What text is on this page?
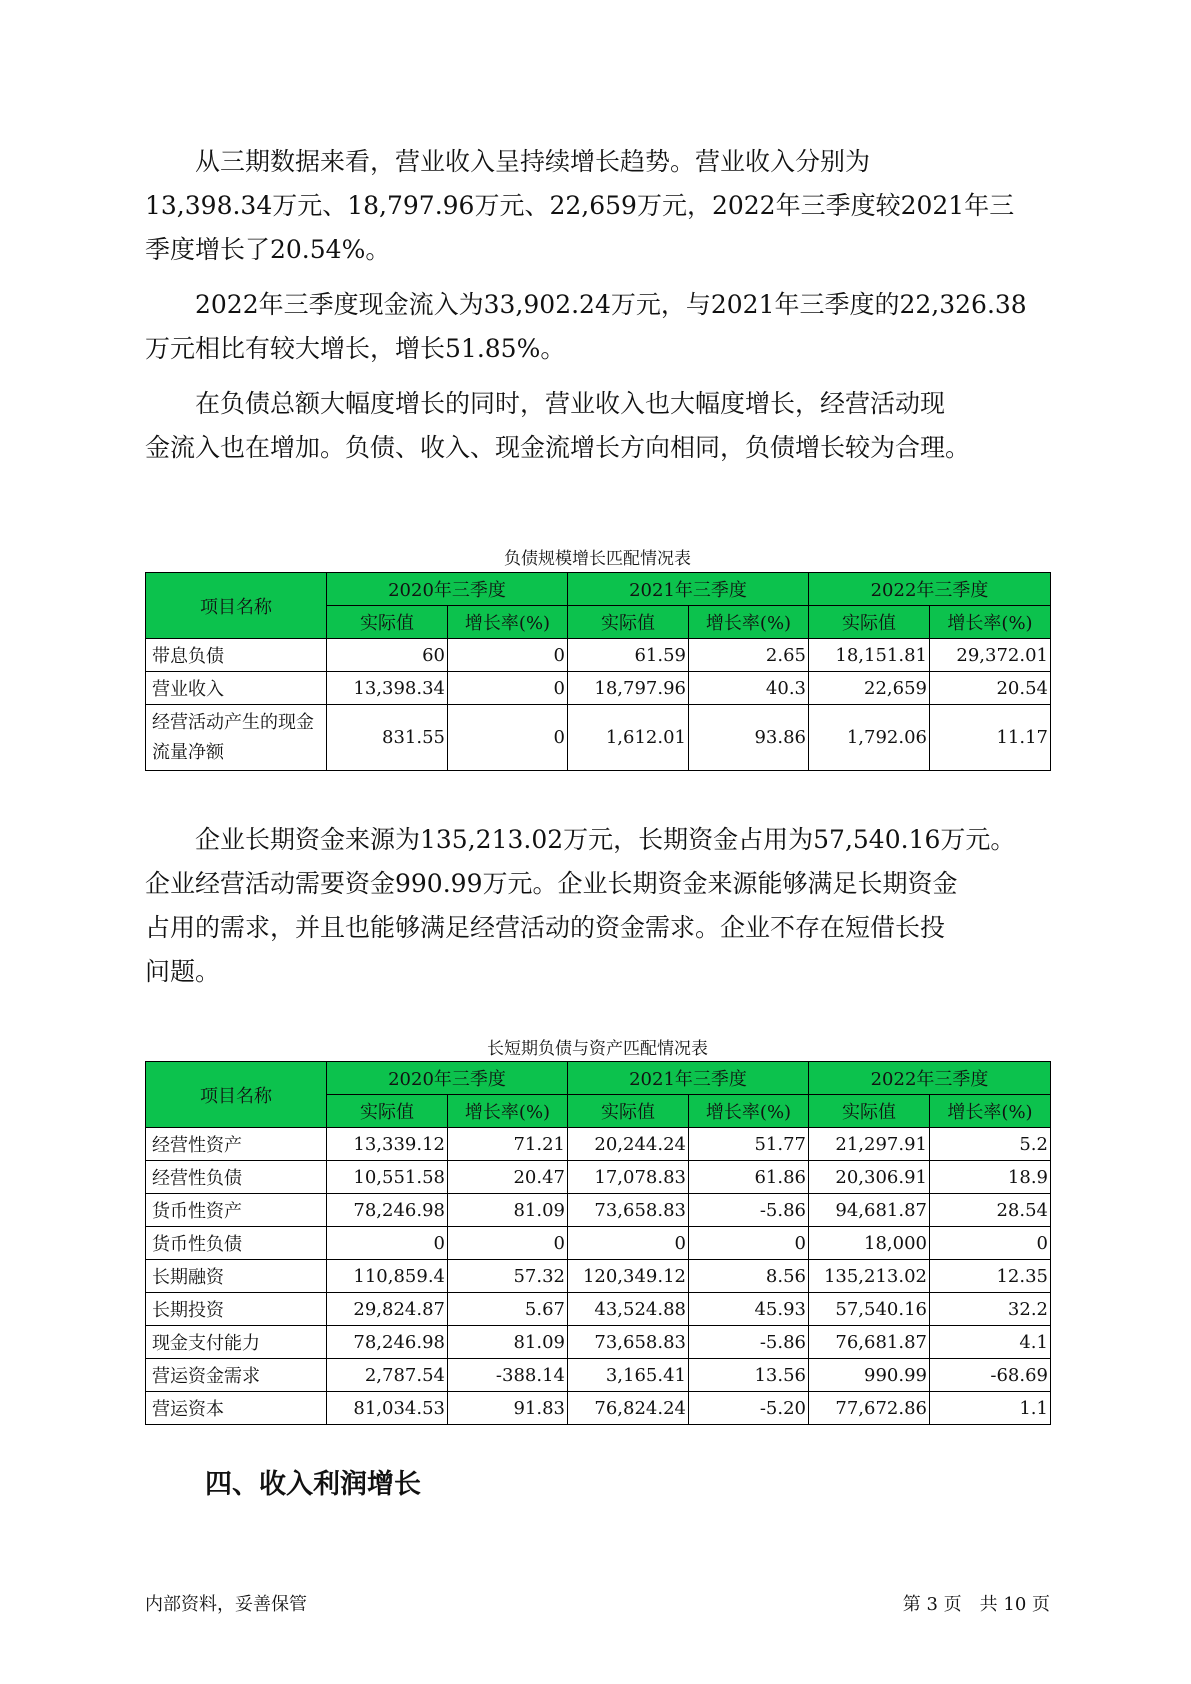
从三期数据来看，营业收入呈持续增长趋势。营业收入分别为
13,398.34万元、18,797.96万元、22,659万元，2022年三季度较2021年三
季度增长了20.54%。

2022年三季度现金流入为33,902.24万元，与2021年三季度的22,326.38
万元相比有较大增长，增长51.85%。

在负债总额大幅度增长的同时，营业收入也大幅度增长，经营活动现
金流入也在增加。负债、收入、现金流增长方向相同，负债增长较为合理。

负债规模增长匹配情况表
项目名称	2020年三季度		2021年三季度		2022年三季度	
	实际值	增长率(%)	实际值	增长率(%)	实际值	增长率(%)
带息负债	60	0	61.59	2.65	18,151.81	29,372.01
营业收入	13,398.34	0	18,797.96	40.3	22,659	20.54
经营活动产生的现金流量净额	831.55	0	1,612.01	93.86	1,792.06	11.17

企业长期资金来源为135,213.02万元，长期资金占用为57,540.16万元。
企业经营活动需要资金990.99万元。企业长期资金来源能够满足长期资金
占用的需求，并且也能够满足经营活动的资金需求。企业不存在短借长投
问题。

长短期负债与资产匹配情况表
项目名称	2020年三季度		2021年三季度		2022年三季度	
	实际值	增长率(%)	实际值	增长率(%)	实际值	增长率(%)
经营性资产	13,339.12	71.21	20,244.24	51.77	21,297.91	5.2
经营性负债	10,551.58	20.47	17,078.83	61.86	20,306.91	18.9
货币性资产	78,246.98	81.09	73,658.83	-5.86	94,681.87	28.54
货币性负债	0	0	0	0	18,000	0
长期融资	110,859.4	57.32	120,349.12	8.56	135,213.02	12.35
长期投资	29,824.87	5.67	43,524.88	45.93	57,540.16	32.2
现金支付能力	78,246.98	81.09	73,658.83	-5.86	76,681.87	4.1
营运资金需求	2,787.54	-388.14	3,165.41	13.56	990.99	-68.69
营运资本	81,034.53	91.83	76,824.24	-5.20	77,672.86	1.1
四、收入利润增长
内部资料，妥善保管	第 3 页　共 10 页
